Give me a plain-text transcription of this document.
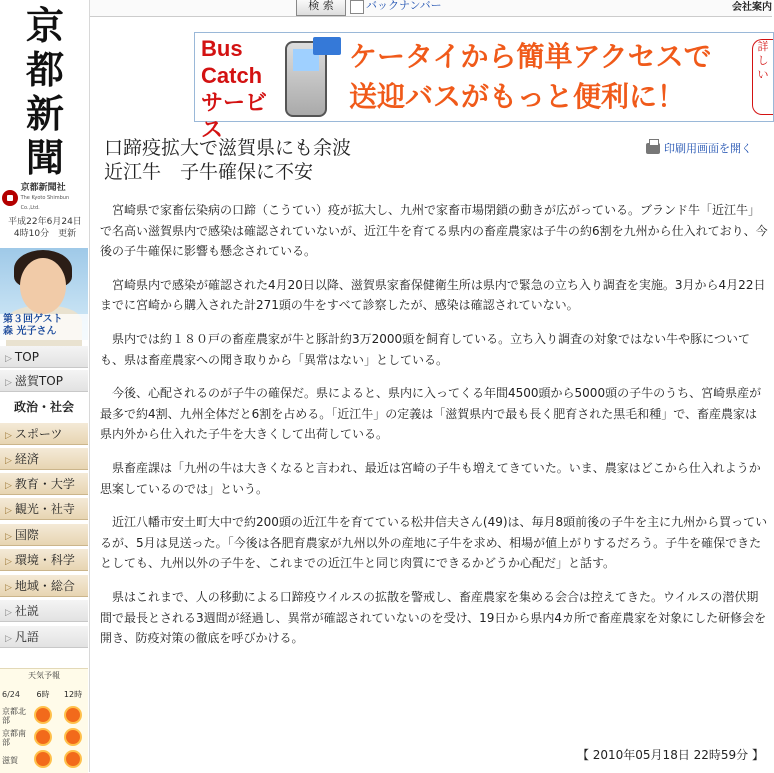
京
都
新
聞
京都新聞社
The Kyoto Shimbun Co.,Ltd.
平成22年6月24日
4時10分　更新
第３回ゲスト
森 光子さん
▷ TOP
▷ 滋賀TOP
政治・社会
▷ スポーツ
▷ 経済
▷ 教育・大学
▷ 観光・社寺
▷ 国際
▷ 環境・科学
▷ 地域・総合
▷ 社説
▷ 凡語
天気予報
6/24	6時	12時
京都北部
京都南部
滋賀
検 索	バックナンバー	会社案内
Bus
Catch
サービス
ケータイから簡単アクセスで
送迎バスがもっと便利に！
詳しい
口蹄疫拡大で滋賀県にも余波
近江牛　子牛確保に不安
印刷用画面を開く

宮崎県で家畜伝染病の口蹄（こうてい）疫が拡大し、九州で家畜市場閉鎖の動きが広がっている。ブランド牛「近江牛」で名高い滋賀県内で感染は確認されていないが、近江牛を育てる県内の畜産農家は子牛の約6割を九州から仕入れており、今後の子牛確保に影響も懸念されている。

宮崎県内で感染が確認された4月20日以降、滋賀県家畜保健衛生所は県内で緊急の立ち入り調査を実施。3月から4月22日までに宮崎から購入された計271頭の牛をすべて診察したが、感染は確認されていない。

県内では約１８０戸の畜産農家が牛と豚計約3万2000頭を飼育している。立ち入り調査の対象ではない牛や豚についても、県は畜産農家への聞き取りから「異常はない」としている。

今後、心配されるのが子牛の確保だ。県によると、県内に入ってくる年間4500頭から5000頭の子牛のうち、宮崎県産が最多で約4割、九州全体だと6割を占める。「近江牛」の定義は「滋賀県内で最も長く肥育された黒毛和種」で、畜産農家は県内外から仕入れた子牛を大きくして出荷している。

県畜産課は「九州の牛は大きくなると言われ、最近は宮崎の子牛も増えてきていた。いま、農家はどこから仕入れようか思案しているのでは」という。

近江八幡市安土町大中で約200頭の近江牛を育てている松井信夫さん(49)は、毎月8頭前後の子牛を主に九州から買っているが、5月は見送った。「今後は各肥育農家が九州以外の産地に子牛を求め、相場が値上がりするだろう。子牛を確保できたとしても、九州以外の子牛を、これまでの近江牛と同じ肉質にできるかどうか心配だ」と話す。

県はこれまで、人の移動による口蹄疫ウイルスの拡散を警戒し、畜産農家を集める会合は控えてきた。ウイルスの潜伏期間で最長とされる3週間が経過し、異常が確認されていないのを受け、19日から県内4カ所で畜産農家を対象にした研修会を開き、防疫対策の徹底を呼びかける。

【 2010年05月18日 22時59分 】
